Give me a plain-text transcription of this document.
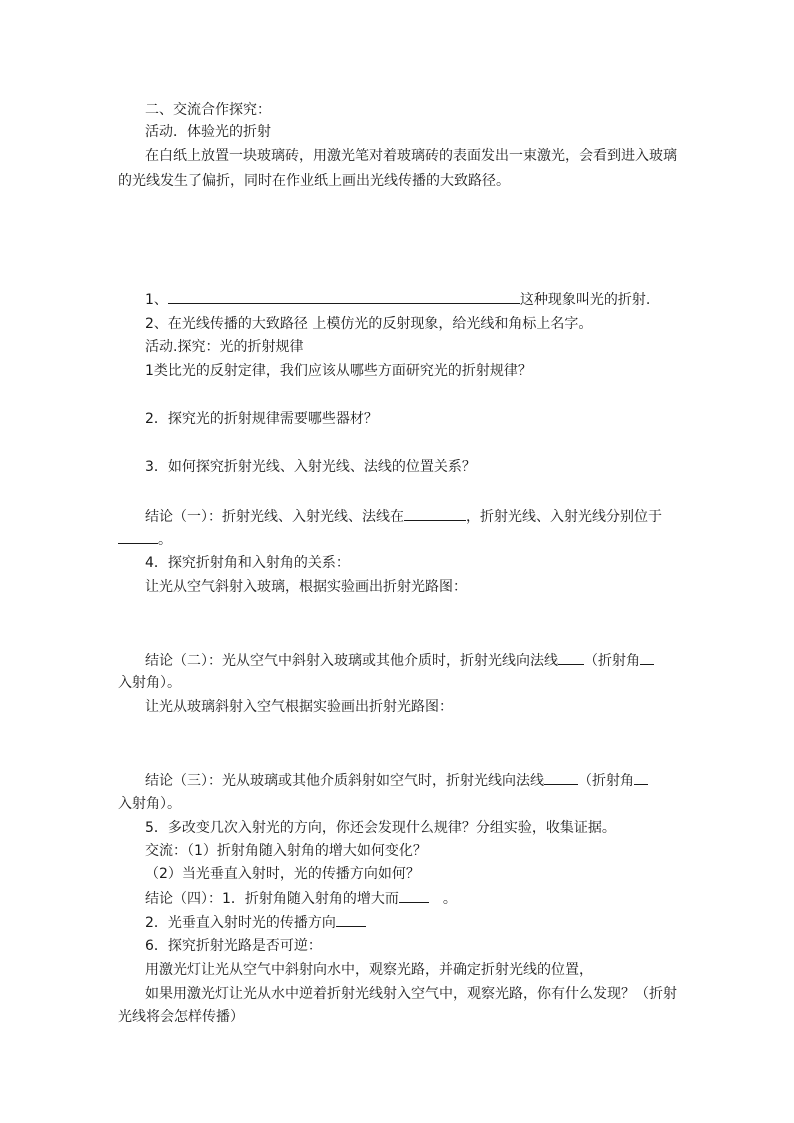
二、交流合作探究：
活动．体验光的折射
在白纸上放置一块玻璃砖，用激光笔对着玻璃砖的表面发出一束激光，会看到进入玻璃
的光线发生了偏折，同时在作业纸上画出光线传播的大致路径。
1、	这种现象叫光的折射.
2、在光线传播的大致路径 上模仿光的反射现象，给光线和角标上名字。
活动.探究：光的折射规律
1类比光的反射定律，我们应该从哪些方面研究光的折射规律？
2．探究光的折射规律需要哪些器材？
3．如何探究折射光线、入射光线、法线的位置关系？
结论（一）：折射光线、入射光线、法线在	，折射光线、入射光线分别位于
。
4．探究折射角和入射角的关系：
让光从空气斜射入玻璃，根据实验画出折射光路图：
结论（二）：光从空气中斜射入玻璃或其他介质时，折射光线向法线 （折射角
入射角）。
让光从玻璃斜射入空气根据实验画出折射光路图：
结论（三）：光从玻璃或其他介质斜射如空气时，折射光线向法线 （折射角
入射角）。
5．多改变几次入射光的方向，你还会发现什么规律？分组实验，收集证据。
交流：（1）折射角随入射角的增大如何变化？
（2）当光垂直入射时，光的传播方向如何？
结论（四）：1．折射角随入射角的增大而	。
2．光垂直入射时光的传播方向
6．探究折射光路是否可逆：
用激光灯让光从空气中斜射向水中，观察光路，并确定折射光线的位置，
如果用激光灯让光从水中逆着折射光线射入空气中，观察光路，你有什么发现？（折射
光线将会怎样传播）
